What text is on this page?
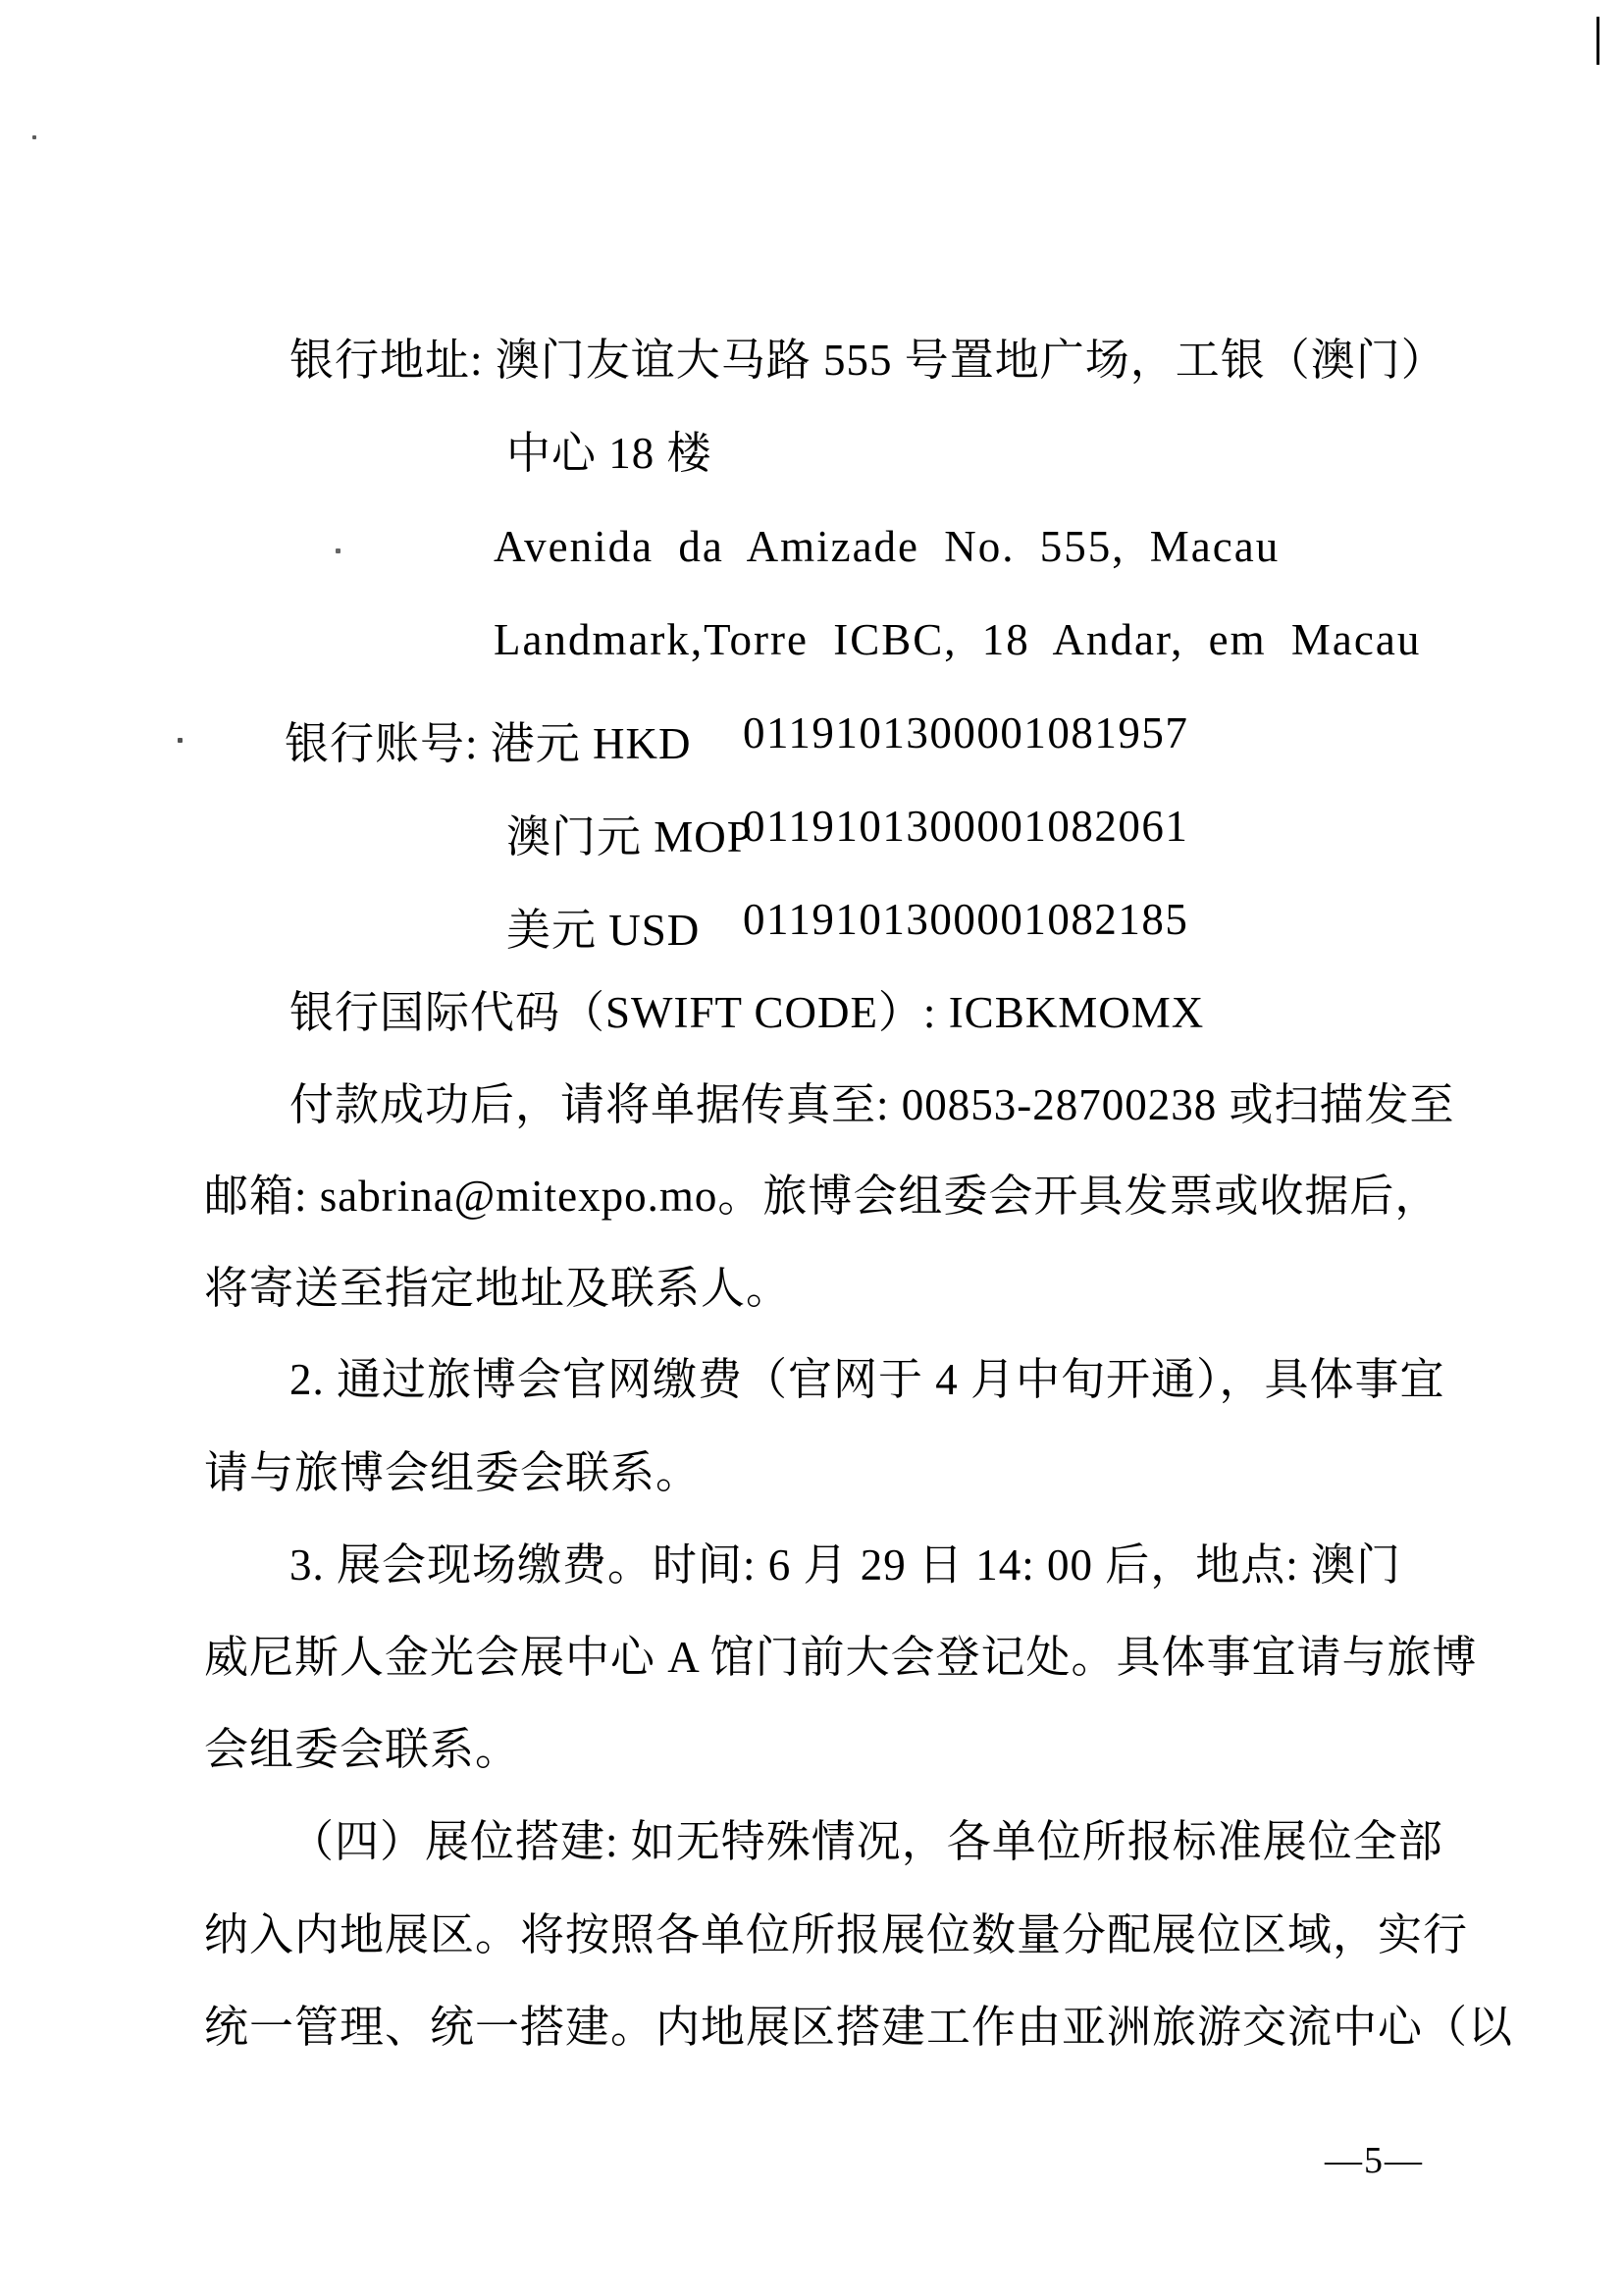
银行地址: 澳门友谊大马路 555 号置地广场，工银（澳门）
中心 18 楼
Avenida da Amizade No. 555, Macau
Landmark,Torre ICBC, 18 Andar, em Macau
银行账号: 港元 HKD 0119101300001081957
澳门元 MOP
0119101300001082061
美元 USD 0119101300001082185
银行国际代码（SWIFT CODE）: ICBKMOMX
付款成功后，请将单据传真至: 00853-28700238 或扫描发至
邮箱: sabrina@mitexpo.mo。旅博会组委会开具发票或收据后，
将寄送至指定地址及联系人。
2. 通过旅博会官网缴费（官网于 4 月中旬开通），具体事宜
请与旅博会组委会联系。
3. 展会现场缴费。时间: 6 月 29 日 14: 00 后，地点: 澳门
威尼斯人金光会展中心 A 馆门前大会登记处。具体事宜请与旅博
会组委会联系。
（四）展位搭建: 如无特殊情况，各单位所报标准展位全部
纳入内地展区。将按照各单位所报展位数量分配展位区域，实行
统一管理、统一搭建。内地展区搭建工作由亚洲旅游交流中心（以
—5—
